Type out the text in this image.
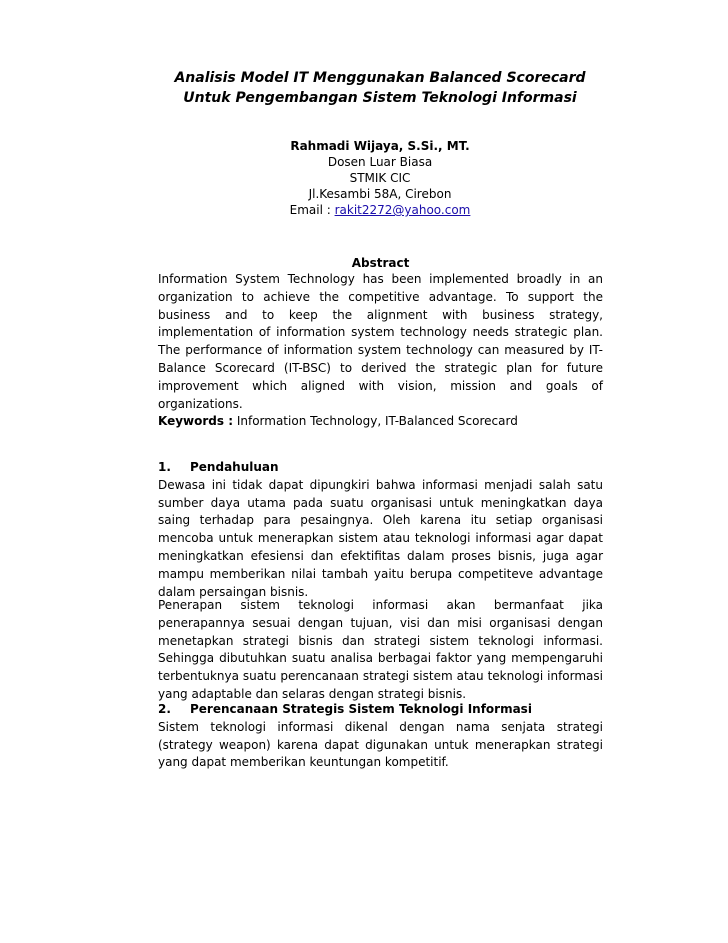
Analisis Model IT Menggunakan Balanced Scorecard
Untuk Pengembangan Sistem Teknologi Informasi
Rahmadi Wijaya, S.Si., MT.
Dosen Luar Biasa
STMIK CIC
Jl.Kesambi 58A, Cirebon
Email : rakit2272@yahoo.com
Abstract

Information System Technology has been implemented broadly in an organization to achieve the competitive advantage. To support the business and to keep the alignment with business strategy, implementation of information system technology needs strategic plan. The performance of information system technology can measured by IT-Balance Scorecard (IT-BSC) to derived the strategic plan for future improvement which aligned with vision, mission and goals of organizations.

Keywords : Information Technology, IT-Balanced Scorecard
1. Pendahuluan

Dewasa ini tidak dapat dipungkiri bahwa informasi menjadi salah satu sumber daya utama pada suatu organisasi untuk meningkatkan daya saing terhadap para pesaingnya. Oleh karena itu setiap organisasi mencoba untuk menerapkan sistem atau teknologi informasi agar dapat meningkatkan efesiensi dan efektifitas dalam proses bisnis, juga agar mampu memberikan nilai tambah yaitu berupa competiteve advantage dalam persaingan bisnis.

Penerapan sistem teknologi informasi akan bermanfaat jika penerapannya sesuai dengan tujuan, visi dan misi organisasi dengan menetapkan strategi bisnis dan strategi sistem teknologi informasi. Sehingga dibutuhkan suatu analisa berbagai faktor yang mempengaruhi terbentuknya suatu perencanaan strategi sistem atau teknologi informasi yang adaptable dan selaras dengan strategi bisnis.

2. Perencanaan Strategis Sistem Teknologi Informasi

Sistem teknologi informasi dikenal dengan nama senjata strategi (strategy weapon) karena dapat digunakan untuk menerapkan strategi yang dapat memberikan keuntungan kompetitif.
